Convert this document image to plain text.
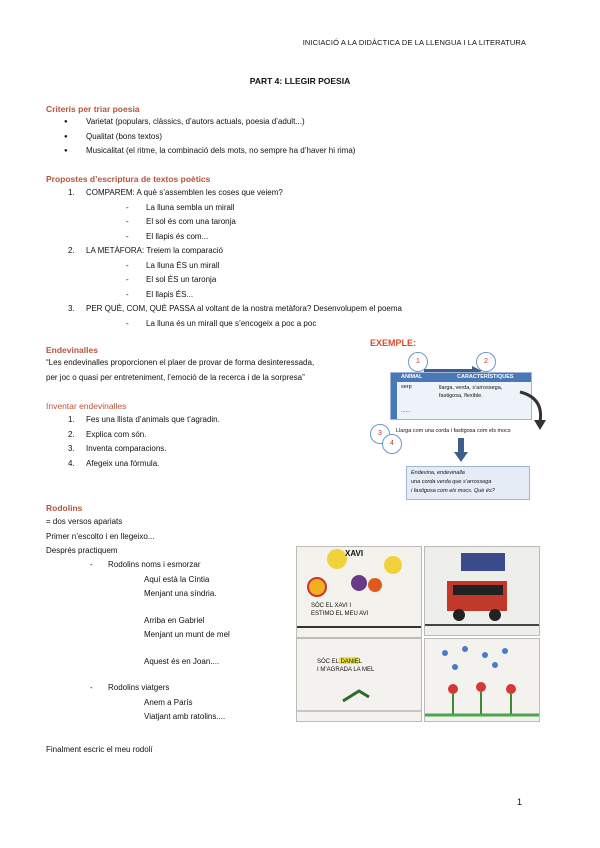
INICIACIÓ A LA DIDÀCTICA DE LA LLENGUA I LA LITERATURA
PART 4: LLEGIR POESIA
Criteris per triar poesia
● Varietat (populars, clàssics, d’autors actuals, poesia d’adult...)
● Qualitat (bons textos)
● Musicalitat (el ritme, la combinació dels mots, no sempre ha d’haver hi rima)
Propostes d’escriptura de textos poètics
1. COMPAREM: A què s’assemblen les coses que veiem?
- La lluna sembla un mirall
- El sol és com una taronja
- El llapis és com...
2. LA METÀFORA: Treiem la comparació
- La lluna ÉS un mirall
- El sol ÉS un taronja
- El llapis ÉS...
3. PER QUÈ, COM, QUÈ PASSA al voltant de la nostra metàfora? Desenvolupem el poema
- La lluna és un mirall que s’encogeix a poc a poc
Endevinalles
“Les endevinalles proporcionen el plaer de provar de forma desinteressada,
per joc o quasi per entreteniment, l’emoció de la recerca i de la sorpresa”
Inventar endevinalles
1. Fes una llista d’animals que t’agradin.
2. Explica com són.
3. Inventa comparacions.
4. Afegeix una fórmula.
EXEMPLE:
1	2
ANIMAL	CARACTERÍSTIQUES
serp	llarga, verda, s’arrossega,
fastigosa, flexible.
......
3	Llarga com una corda i fastigosa com els mocs
4
Endevina, endevinalla
una corda verda que s’arrossega
i fastigosa com els mocs. Què és?
Rodolins
= dos versos apariats
Primer n’escolto i en llegeixo...
Després practiquem
- Rodolins noms i esmorzar
Aquí està la Cíntia
Menjant una síndria.
Arriba en Gabriel
Menjant un munt de mel
Aquest és en Joan....
- Rodolins viatgers
Anem a París
Viatjant amb ratolins....
Finalment escric el meu rodolí
XAVI
SÓC EL XAVI I
ESTIMO EL MEU AVI
SÓC EL DANIEL
I M’AGRADA LA MEL
1
